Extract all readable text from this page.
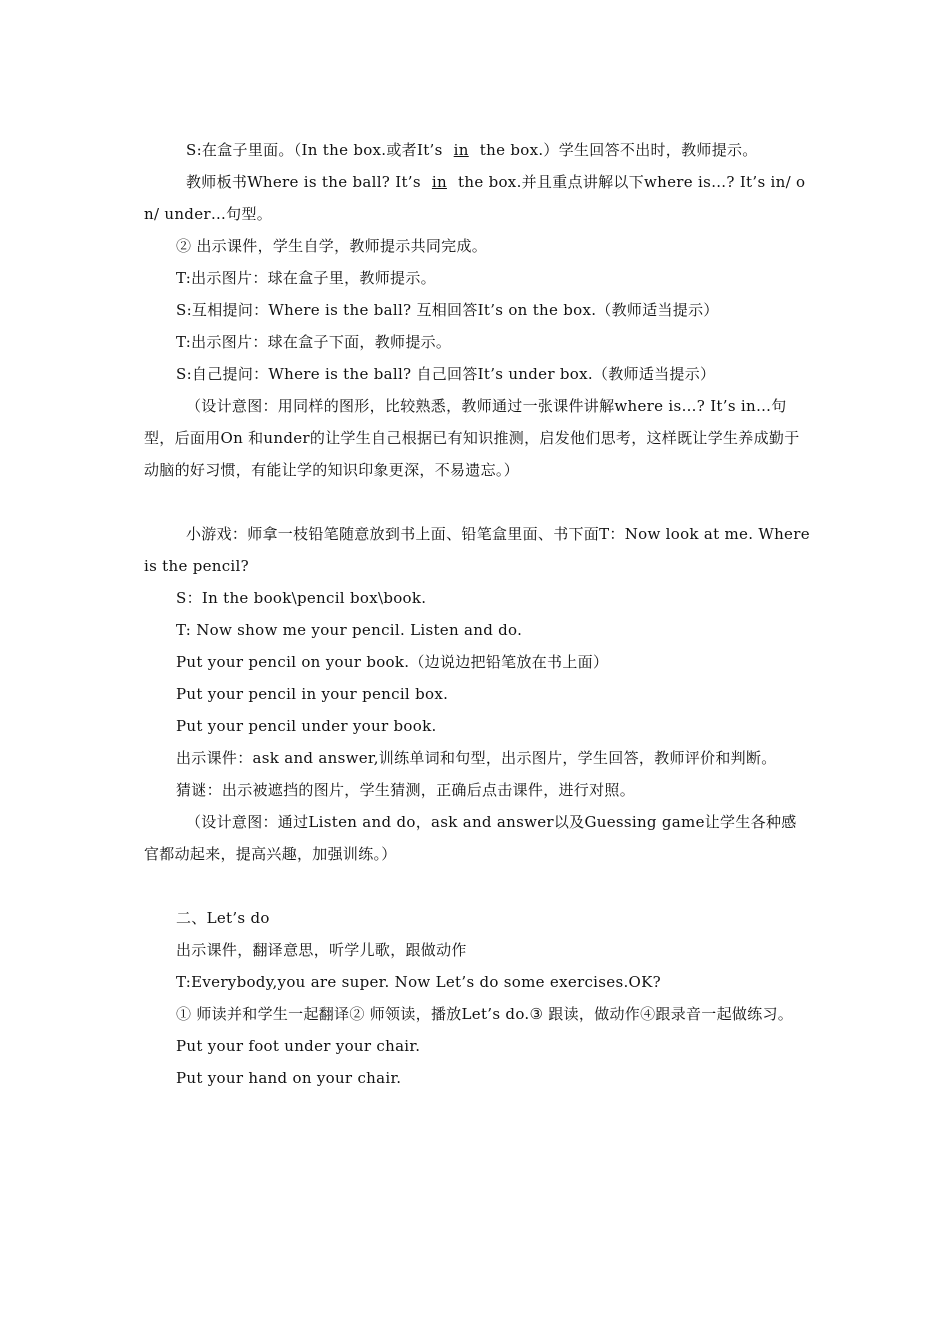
S:在盒子里面。（In the box.或者It’s in the box.）学生回答不出时，教师提示。

教师板书Where is the ball? It’s in the box.并且重点讲解以下where is…? It’s in/ on/ under…句型。

② 出示课件，学生自学，教师提示共同完成。

T:出示图片：球在盒子里，教师提示。

S:互相提问：Where is the ball? 互相回答It’s on the box.（教师适当提示）

T:出示图片：球在盒子下面，教师提示。

S:自己提问：Where is the ball? 自己回答It’s under box.（教师适当提示）

（设计意图：用同样的图形，比较熟悉，教师通过一张课件讲解where is…? It’s in…句型，后面用On 和under的让学生自己根据已有知识推测，启发他们思考，这样既让学生养成勤于动脑的好习惯，有能让学的知识印象更深，不易遗忘。）

小游戏：师拿一枝铅笔随意放到书上面、铅笔盒里面、书下面T：Now look at me. Where is the pencil?

S：In the book\pencil box\book.

T: Now show me your pencil. Listen and do.

Put your pencil on your book.（边说边把铅笔放在书上面）

Put your pencil in your pencil box.

Put your pencil under your book.

出示课件：ask and answer,训练单词和句型，出示图片，学生回答，教师评价和判断。

猜谜：出示被遮挡的图片，学生猜测，正确后点击课件，进行对照。

（设计意图：通过Listen and do，ask and answer以及Guessing game让学生各种感官都动起来，提高兴趣，加强训练。）

二、Let’s do

出示课件，翻译意思，听学儿歌，跟做动作

T:Everybody,you are super. Now Let’s do some exercises.OK?

① 师读并和学生一起翻译② 师领读，播放Let’s do.③ 跟读，做动作④跟录音一起做练习。

Put your foot under your chair.

Put your hand on your chair.
